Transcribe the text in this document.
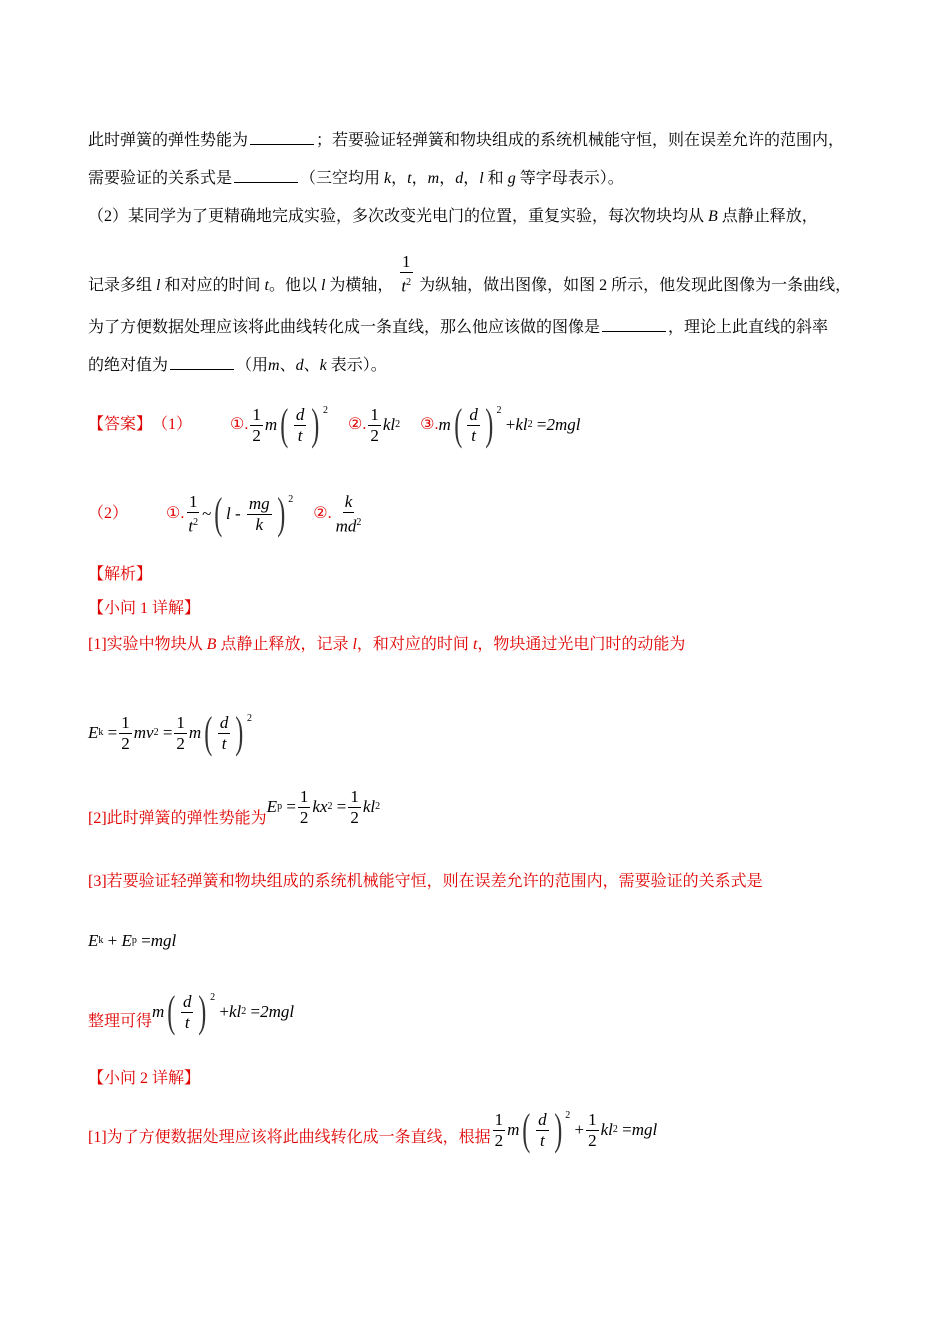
此时弹簧的弹性势能为	；若要验证轻弹簧和物块组成的系统机械能守恒，则在误差允许的范围内，
需要验证的关系式是	（三空均用 k，t，m，d，l 和 g 等字母表示）。
（2）某同学为了更精确地完成实验，多次改变光电门的位置，重复实验，每次物块均从 B 点静止释放，
记录多组 l 和对应的时间 t。他以 l 为横轴， $\frac{1}{t^2}$ 为纵轴，做出图像，如图 2 所示，他发现此图像为一条曲线，
为了方便数据处理应该将此曲线转化成一条直线，那么他应该做的图像是	，理论上此直线的斜率
的绝对值为	（用m、d、k 表示）。
【答案】 （1） ①. $\frac{1}{2}$ m ( $\frac{d}{t}$ ) 2
②. $\frac{1}{2}$ kl 2 ③. m ( $\frac{d}{t}$ ) 2

+ kl 2
= 2mgl
（2） ①. $\frac{1}{t^2}$ ~ ( l - $\frac{mg}{k}$ ) 2
②. $\frac{k}{md^2}$
【解析】
【小问 1 详解】
[1]实验中物块从 B 点静止释放，记录 l，和对应的时间 t，物块通过光电门时的动能为
E k
= $\frac{1}{2}$ mv 2
= $\frac{1}{2}$ m ( $\frac{d}{t}$ ) 2
[2]此时弹簧的弹性势能为
E p
= $\frac{1}{2}$ kx 2
= $\frac{1}{2}$ kl 2
[3]若要验证轻弹簧和物块组成的系统机械能守恒，则在误差允许的范围内，需要验证的关系式是
E k
+ E p
= mgl
整理可得
m ( $\frac{d}{t}$ ) 2

+ kl 2
= 2mgl
【小问 2 详解】
[1]为了方便数据处理应该将此曲线转化成一条直线，根据 $\frac{1}{2}$ m ( $\frac{d}{t}$ ) 2

+ $\frac{1}{2}$ kl 2
= mgl
